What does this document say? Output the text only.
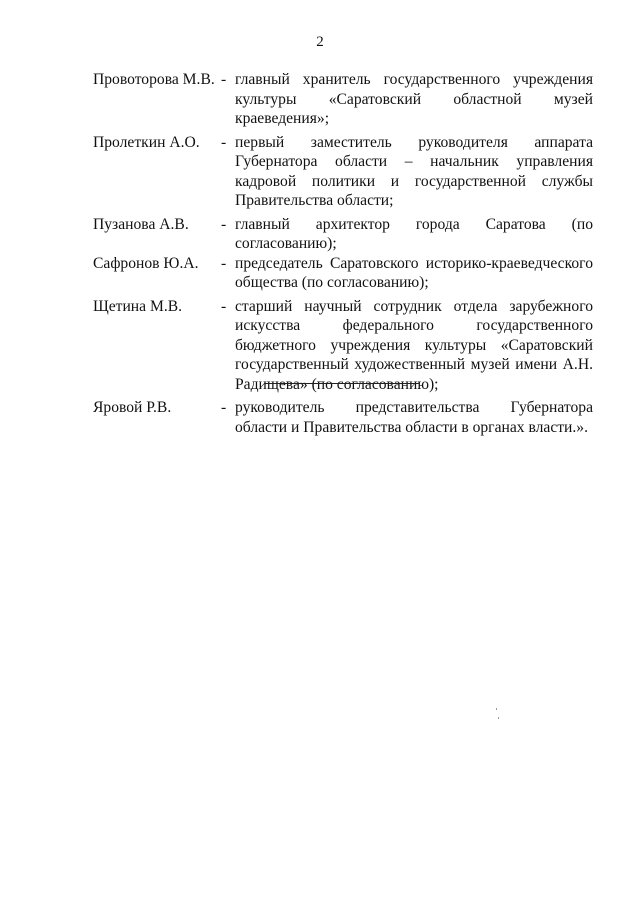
2
Провоторова М.В. - главный хранитель государственного учреждения культуры «Саратовский областной музей краеведения»;
Пролеткин А.О.	- первый заместитель руководителя аппарата Губернатора области – начальник управления кадровой политики и государственной службы Правительства области;
Пузанова А.В.	- главный архитектор города Саратова (по согласованию);
Сафронов Ю.А.	- председатель Саратовского историко-краеведческого общества (по согласованию);
Щетина М.В.	- старший научный сотрудник отдела зарубежного искусства федерального государственного бюджетного учреждения культуры «Саратовский государственный художественный музей имени А.Н. Радищева» (по согласованию);
Яровой Р.В.	- руководитель представительства Губернатора области и Правительства области в органах власти.».
